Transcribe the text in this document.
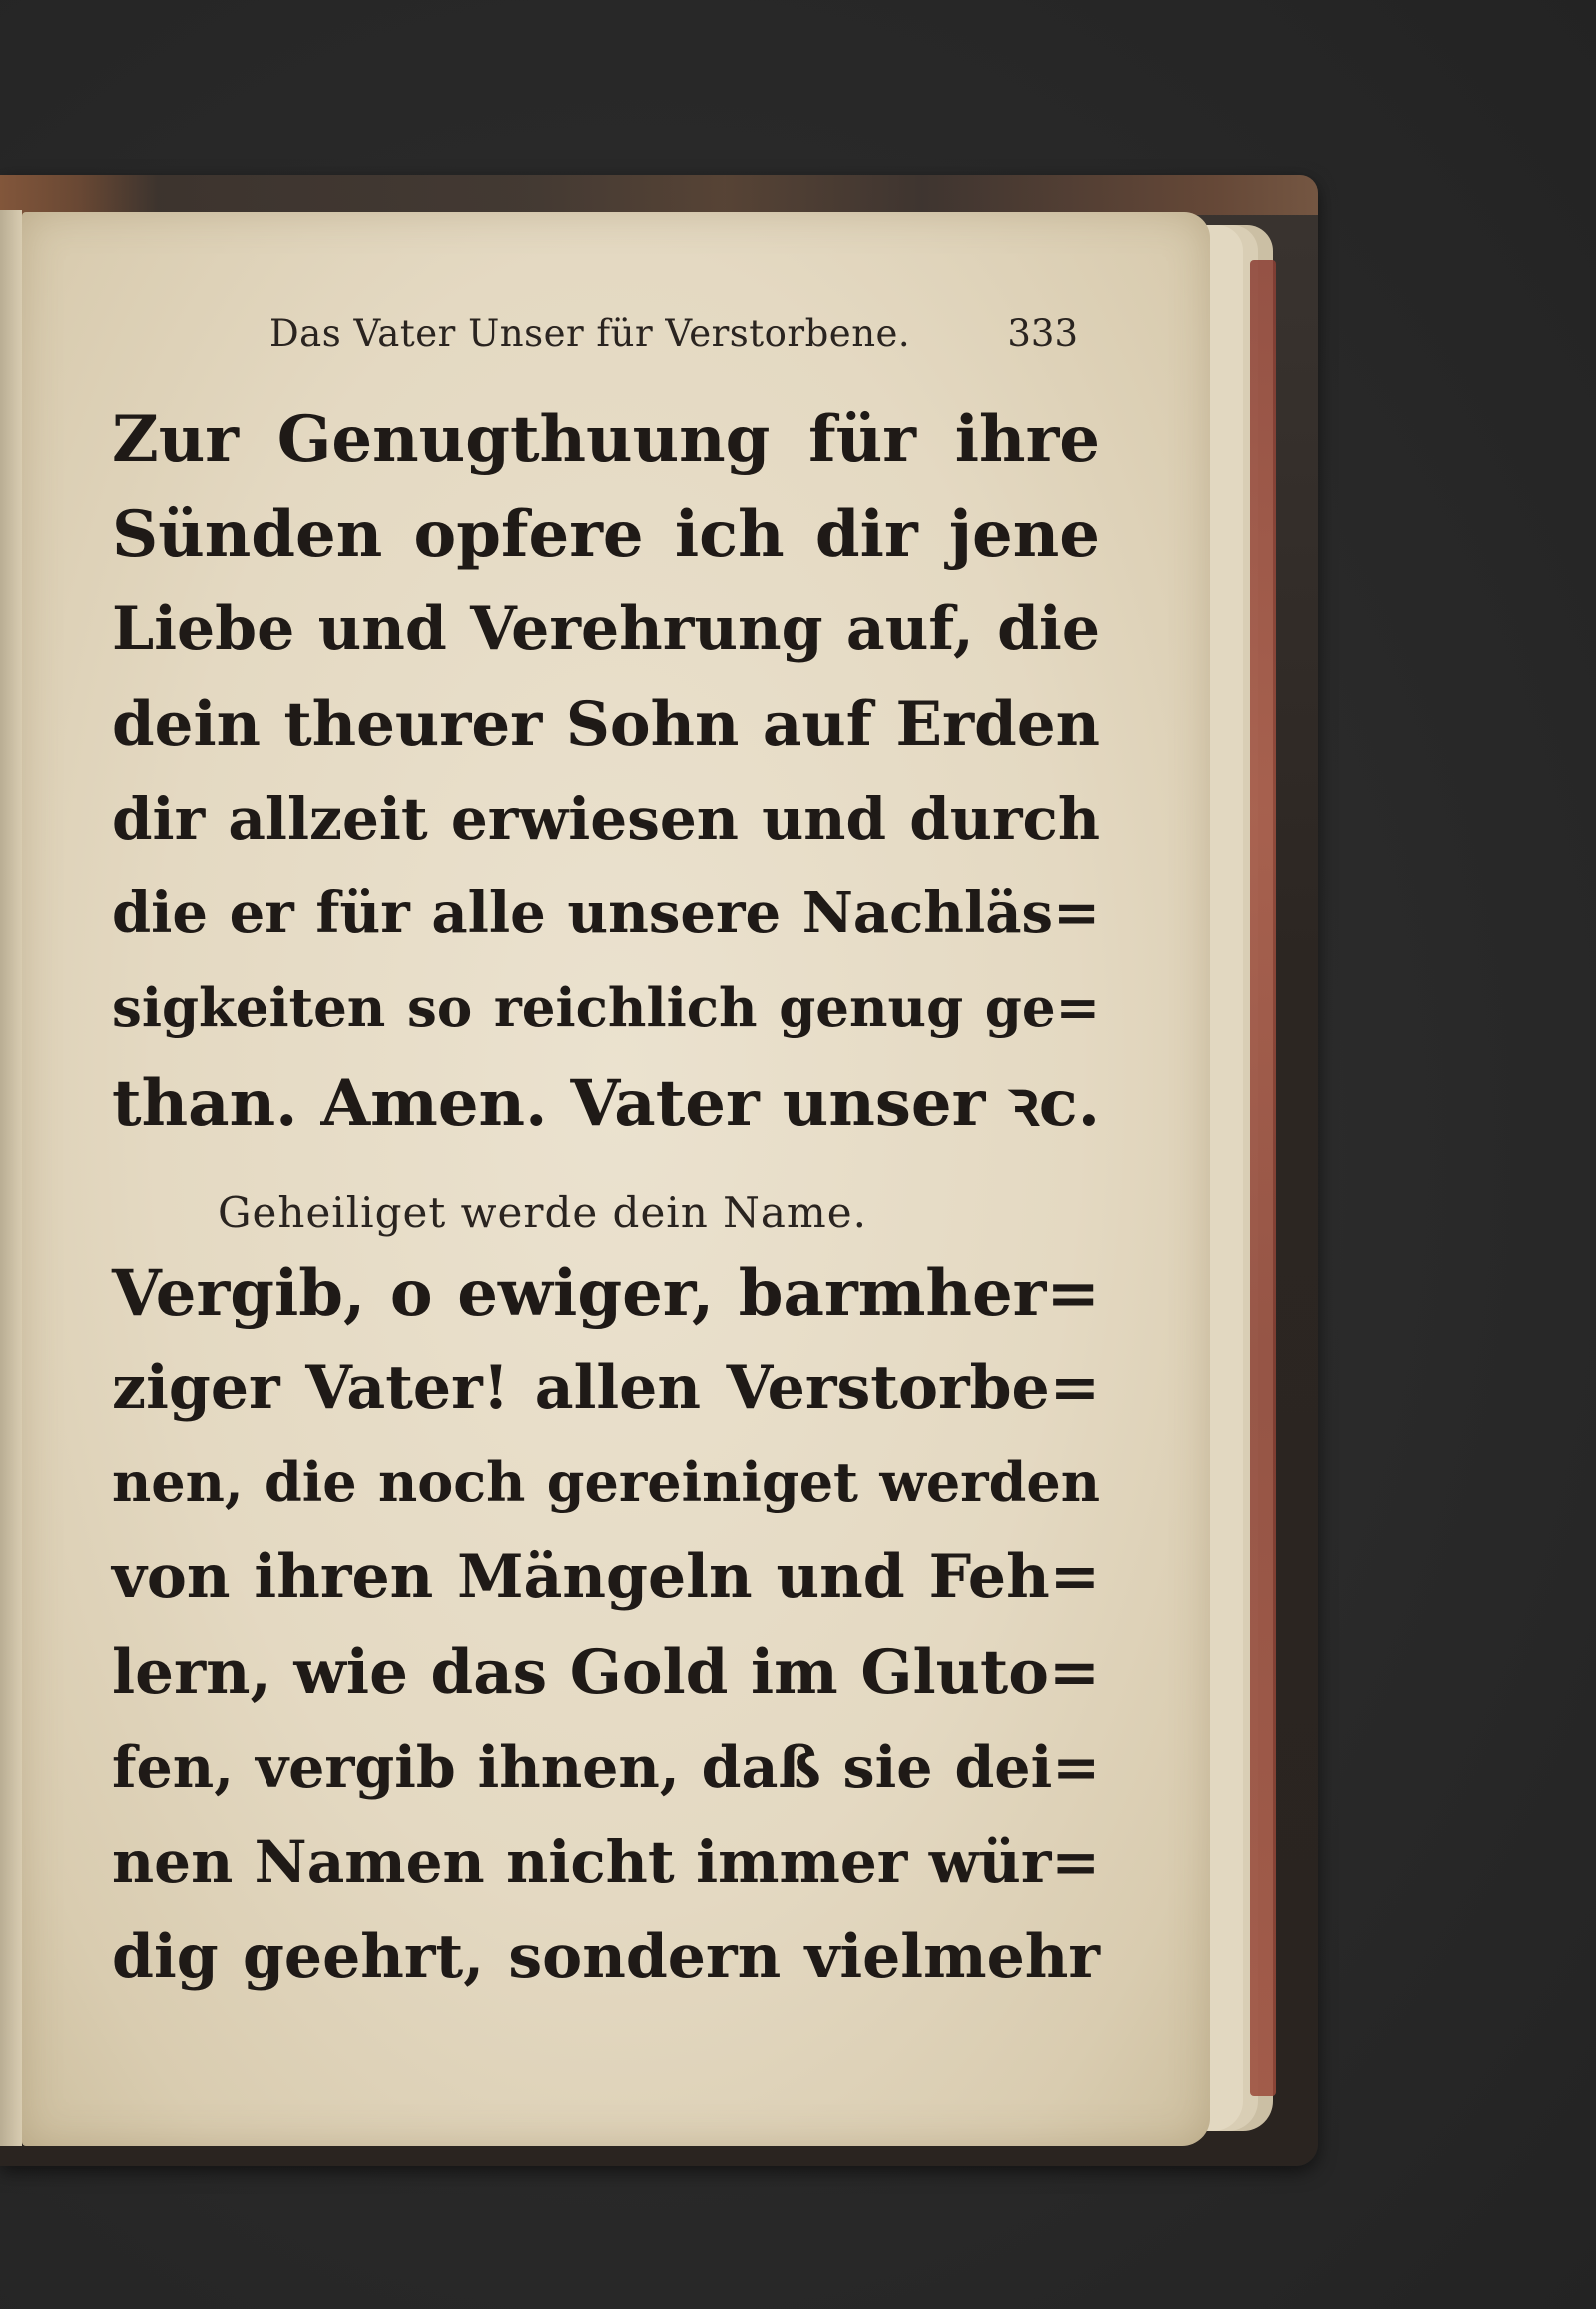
Das Vater Unser für Verstorbene.	333
Zur Genugthuung für ihre
Sünden opfere ich dir jene
Liebe und Verehrung auf, die
dein theurer Sohn auf Erden
dir allzeit erwiesen und durch
die er für alle unsere Nachläs=
sigkeiten so reichlich genug ge=
than. Amen. Vater unser ꝛc.
Geheiliget werde dein Name.
Vergib, o ewiger, barmher=
ziger Vater! allen Verstorbe=
nen, die noch gereiniget werden
von ihren Mängeln und Feh=
lern, wie das Gold im Gluto=
fen, vergib ihnen, daß sie dei=
nen Namen nicht immer wür=
dig geehrt, sondern vielmehr
